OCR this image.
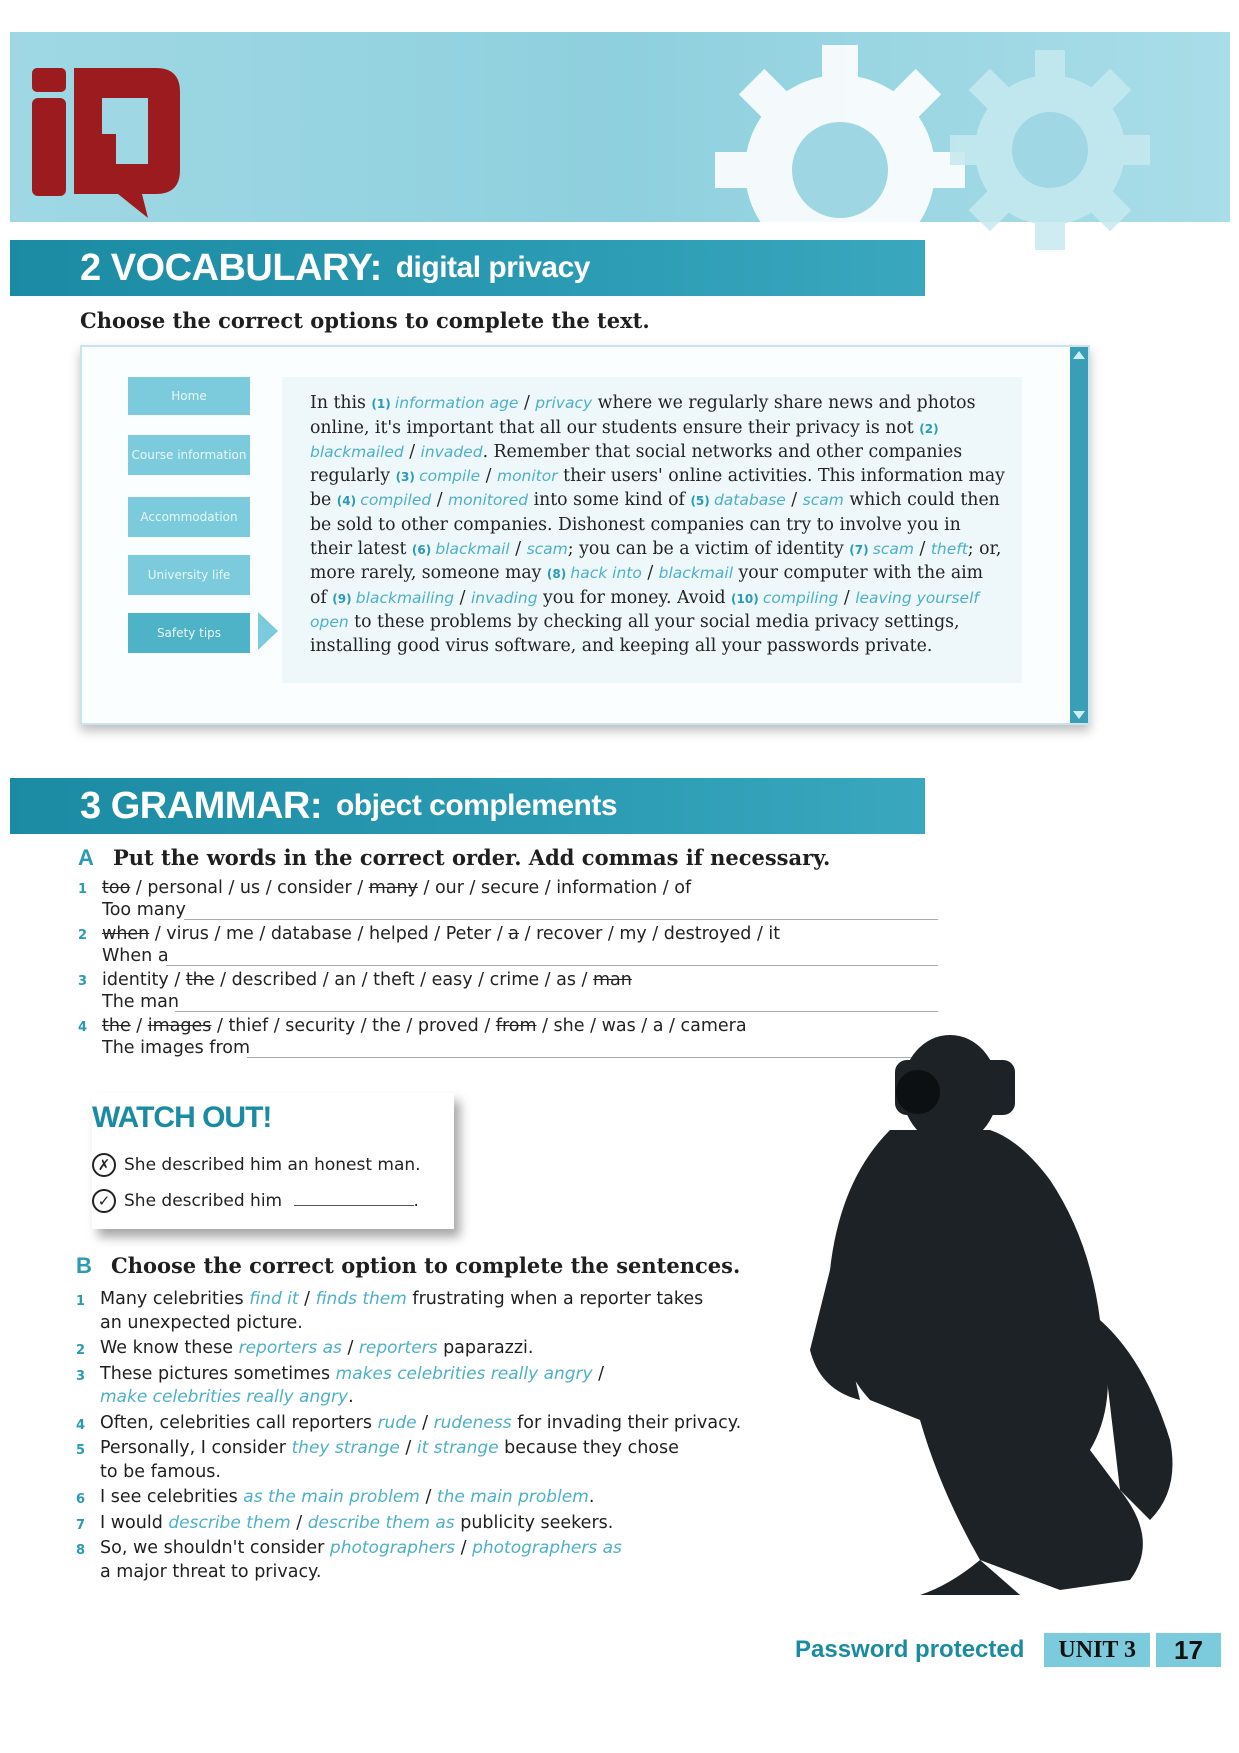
2 VOCABULARY: digital privacy
Choose the correct options to complete the text.
Home
Course information
Accommodation
University life
Safety tips
In this (1) information age / privacy where we regularly share news and photos online, it's important that all our students ensure their privacy is not (2) blackmailed / invaded. Remember that social networks and other companies regularly (3) compile / monitor their users' online activities. This information may be (4) compiled / monitored into some kind of (5) database / scam which could then be sold to other companies. Dishonest companies can try to involve you in their latest (6) blackmail / scam; you can be a victim of identity (7) scam / theft; or, more rarely, someone may (8) hack into / blackmail your computer with the aim of (9) blackmailing / invading you for money. Avoid (10) compiling / leaving yourself open to these problems by checking all your social media privacy settings, installing good virus software, and keeping all your passwords private.
3 GRAMMAR: object complements
A Put the words in the correct order. Add commas if necessary.
1 too / personal / us / consider / many / our / secure / information / of
Too many
2 when / virus / me / database / helped / Peter / a / recover / my / destroyed / it
When a
3 identity / the / described / an / theft / easy / crime / as / man
The man
4 the / images / thief / security / the / proved / from / she / was / a / camera
The images from
WATCH OUT!
✗ She described him an honest man.
✓ She described him	.
B Choose the correct option to complete the sentences.
1 Many celebrities find it / finds them frustrating when a reporter takes
an unexpected picture.
2 We know these reporters as / reporters paparazzi.
3 These pictures sometimes makes celebrities really angry /
make celebrities really angry.
4 Often, celebrities call reporters rude / rudeness for invading their privacy.
5 Personally, I consider they strange / it strange because they chose
to be famous.
6 I see celebrities as the main problem / the main problem.
7 I would describe them / describe them as publicity seekers.
8 So, we shouldn't consider photographers / photographers as
a major threat to privacy.
Password protected	UNIT 3	17
